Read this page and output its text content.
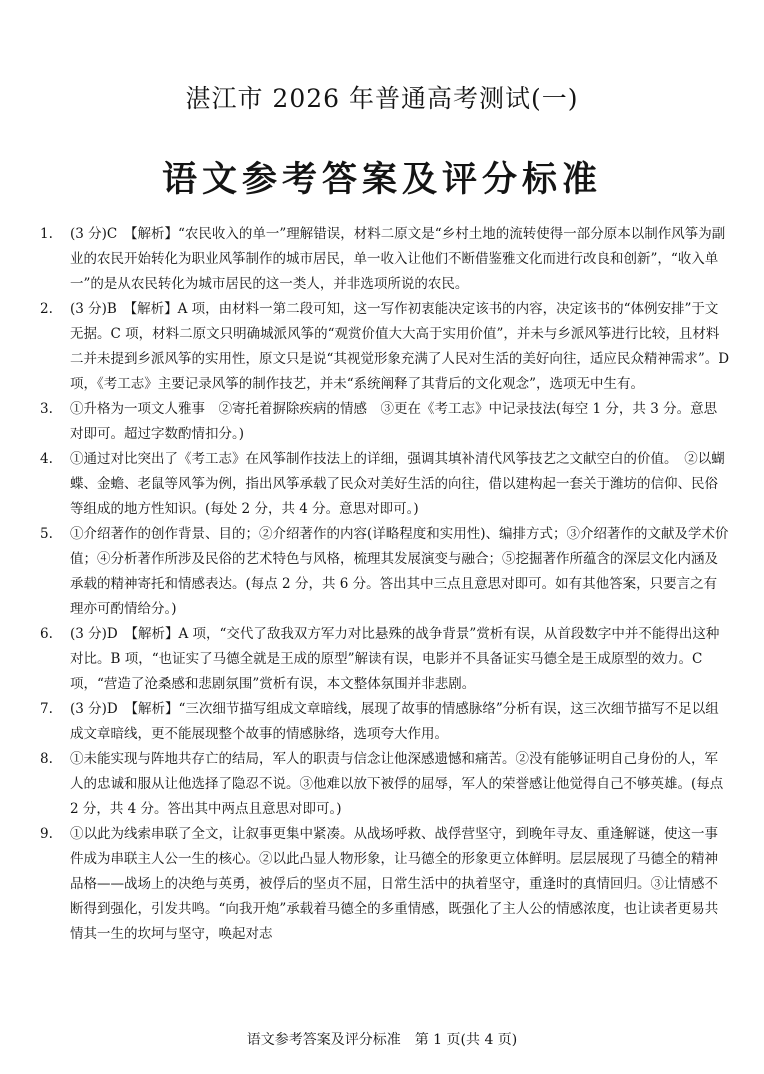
湛江市 2026 年普通高考测试(一)
语文参考答案及评分标准
1. (3 分)C　【解析】“农民收入的单一”理解错误，材料二原文是“乡村土地的流转使得一部分原本以制作风筝为副业的农民开始转化为职业风筝制作的城市居民，单一收入让他们不断借鉴雅文化而进行改良和创新”，“收入单一”的是从农民转化为城市居民的这一类人，并非选项所说的农民。
2. (3 分)B　【解析】A 项，由材料一第二段可知，这一写作初衷能决定该书的内容，决定该书的“体例安排”于文无据。C 项，材料二原文只明确城派风筝的“观赏价值大大高于实用价值”，并未与乡派风筝进行比较，且材料二并未提到乡派风筝的实用性，原文只是说“其视觉形象充满了人民对生活的美好向往，适应民众精神需求”。D 项，《考工志》主要记录风筝的制作技艺，并未“系统阐释了其背后的文化观念”，选项无中生有。
3. ①升格为一项文人雅事　②寄托着摒除疾病的情感　③更在《考工志》中记录技法(每空 1 分，共 3 分。意思对即可。超过字数酌情扣分。)
4. ①通过对比突出了《考工志》在风筝制作技法上的详细，强调其填补清代风筝技艺之文献空白的价值。　②以蝴蝶、金蟾、老鼠等风筝为例，指出风筝承载了民众对美好生活的向往，借以建构起一套关于潍坊的信仰、民俗等组成的地方性知识。(每处 2 分，共 4 分。意思对即可。)
5. ①介绍著作的创作背景、目的；②介绍著作的内容(详略程度和实用性)、编排方式；③介绍著作的文献及学术价值；④分析著作所涉及民俗的艺术特色与风格，梳理其发展演变与融合；⑤挖掘著作所蕴含的深层文化内涵及承载的精神寄托和情感表达。(每点 2 分，共 6 分。答出其中三点且意思对即可。如有其他答案，只要言之有理亦可酌情给分。)
6. (3 分)D　【解析】A 项，“交代了敌我双方军力对比悬殊的战争背景”赏析有误，从首段数字中并不能得出这种对比。B 项，“也证实了马德全就是王成的原型”解读有误，电影并不具备证实马德全是王成原型的效力。C 项，“营造了沧桑感和悲剧氛围”赏析有误，本文整体氛围并非悲剧。
7. (3 分)D　【解析】“三次细节描写组成文章暗线，展现了故事的情感脉络”分析有误，这三次细节描写不足以组成文章暗线，更不能展现整个故事的情感脉络，选项夸大作用。
8. ①未能实现与阵地共存亡的结局，军人的职责与信念让他深感遗憾和痛苦。②没有能够证明自己身份的人，军人的忠诚和服从让他选择了隐忍不说。③他难以放下被俘的屈辱，军人的荣誉感让他觉得自己不够英雄。(每点 2 分，共 4 分。答出其中两点且意思对即可。)
9. ①以此为线索串联了全文，让叙事更集中紧凑。从战场呼救、战俘营坚守，到晚年寻友、重逢解谜，使这一事件成为串联主人公一生的核心。②以此凸显人物形象，让马德全的形象更立体鲜明。层层展现了马德全的精神品格——战场上的决绝与英勇，被俘后的坚贞不屈，日常生活中的执着坚守，重逢时的真情回归。③让情感不断得到强化，引发共鸣。“向我开炮”承载着马德全的多重情感，既强化了主人公的情感浓度，也让读者更易共情其一生的坎坷与坚守，唤起对志
语文参考答案及评分标准　第 1 页(共 4 页)
